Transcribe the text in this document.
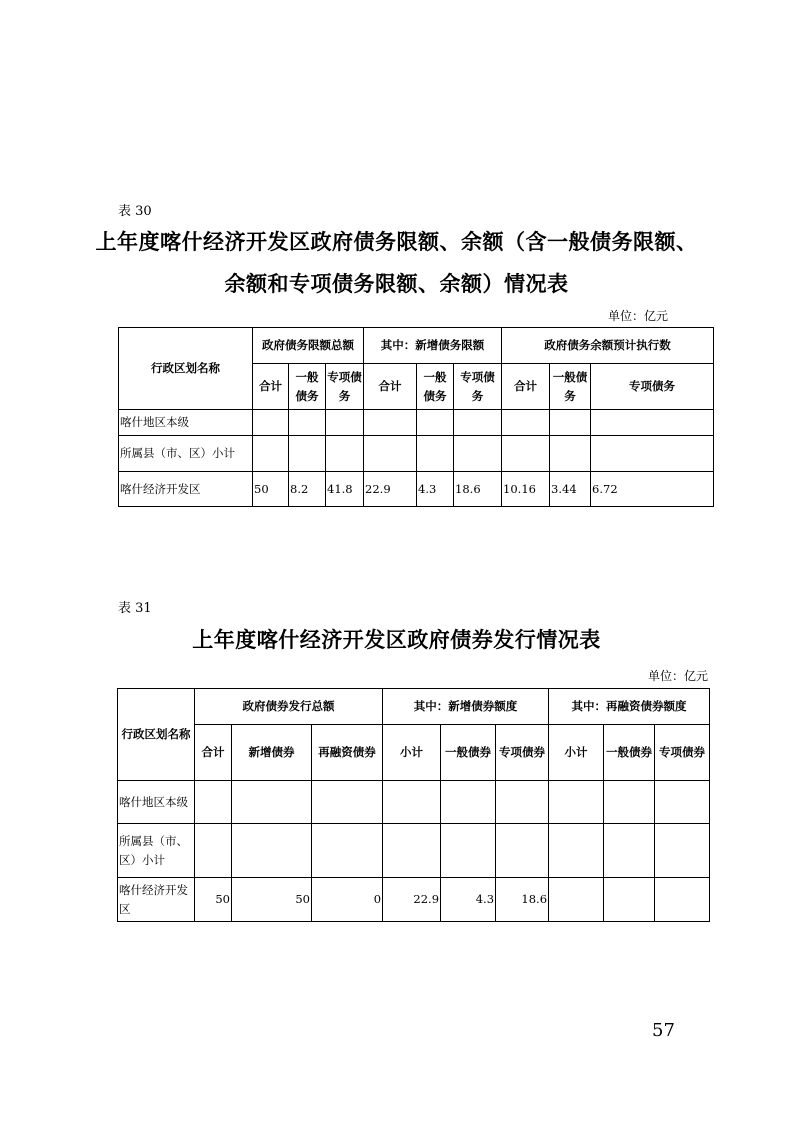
表 30
上年度喀什经济开发区政府债务限额、余额（含一般债务限额、
余额和专项债务限额、余额）情况表
单位：亿元
行政区划名称	政府债务限额总额			其中：新增债务限额			政府债务余额预计执行数		
	合计	一般债务	专项债务	合计	一般债务	专项债务	合计	一般债务	专项债务
喀什地区本级									
所属县（市、区）小计									
喀什经济开发区	50	8.2	41.8	22.9	4.3	18.6	10.16	3.44	6.72
表 31
上年度喀什经济开发区政府债券发行情况表
单位：亿元
行政区划名称	政府债券发行总额			其中：新增债券额度			其中：再融资债券额度		
	合计	新增债券	再融资债券	小计	一般债券	专项债券	小计	一般债券	专项债券
喀什地区本级									
所属县（市、区）小计									
喀什经济开发区	50	50	0	22.9	4.3	18.6			
57
